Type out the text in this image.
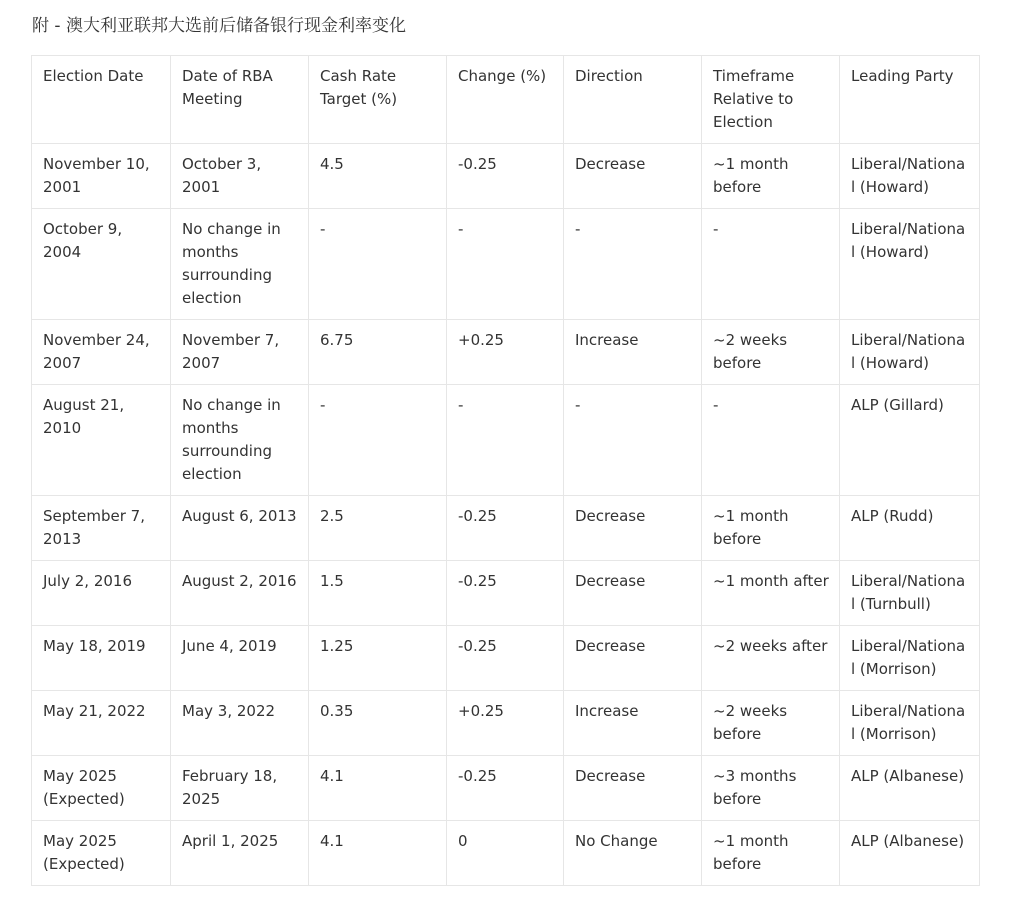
附 - 澳大利亚联邦大选前后储备银行现金利率变化
Election Date	Date of RBA Meeting	Cash Rate Target (%)	Change (%)	Direction	Timeframe Relative to Election	Leading Party
November 10, 2001	October 3, 2001	4.5	-0.25	Decrease	~1 month before	Liberal/National (Howard)
October 9, 2004	No change in months surrounding election	-	-	-	-	Liberal/National (Howard)
November 24, 2007	November 7, 2007	6.75	+0.25	Increase	~2 weeks before	Liberal/National (Howard)
August 21, 2010	No change in months surrounding election	-	-	-	-	ALP (Gillard)
September 7, 2013	August 6, 2013	2.5	-0.25	Decrease	~1 month before	ALP (Rudd)
July 2, 2016	August 2, 2016	1.5	-0.25	Decrease	~1 month after	Liberal/National (Turnbull)
May 18, 2019	June 4, 2019	1.25	-0.25	Decrease	~2 weeks after	Liberal/National (Morrison)
May 21, 2022	May 3, 2022	0.35	+0.25	Increase	~2 weeks before	Liberal/National (Morrison)
May 2025 (Expected)	February 18, 2025	4.1	-0.25	Decrease	~3 months before	ALP (Albanese)
May 2025 (Expected)	April 1, 2025	4.1	0	No Change	~1 month before	ALP (Albanese)
